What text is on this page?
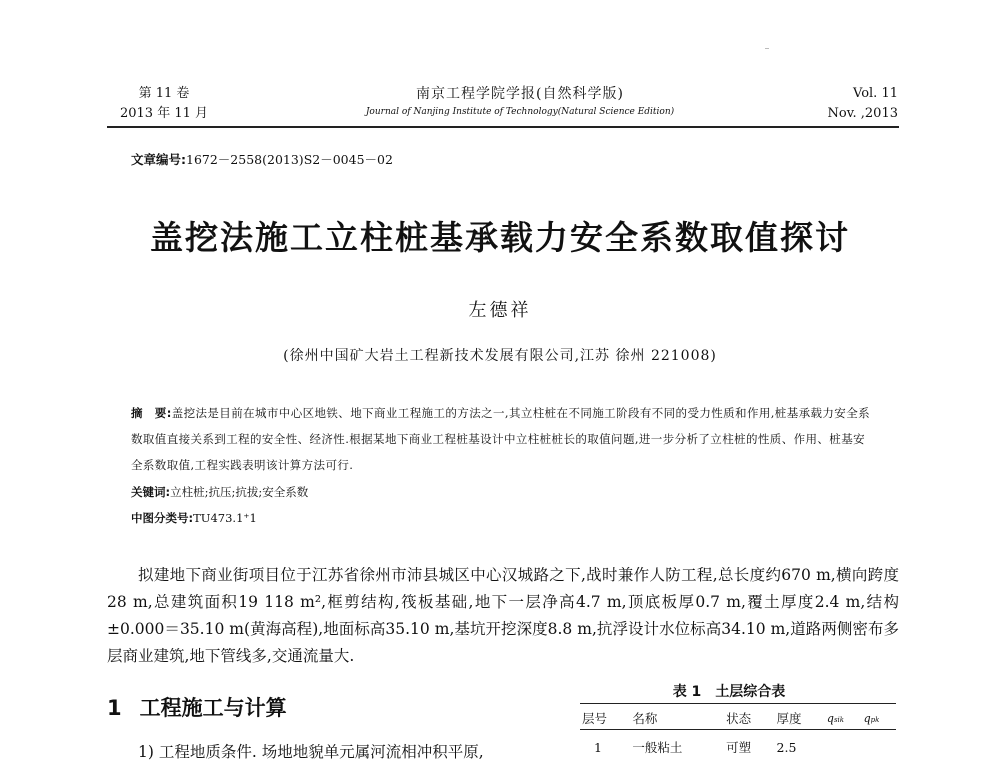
第 11 卷
2013 年 11 月
南京工程学院学报(自然科学版)
Journal of Nanjing Institute of Technology(Natural Science Edition)
Vol. 11
Nov. ,2013
文章编号:1672－2558(2013)S2－0045－02
盖挖法施工立柱桩基承载力安全系数取值探讨
左德祥
(徐州中国矿大岩土工程新技术发展有限公司,江苏 徐州 221008)
摘　要:盖挖法是目前在城市中心区地铁、地下商业工程施工的方法之一,其立柱桩在不同施工阶段有不同的受力性质和作用,桩基承载力安全系数取值直接关系到工程的安全性、经济性.根据某地下商业工程桩基设计中立柱桩桩长的取值问题,进一步分析了立柱桩的性质、作用、桩基安全系数取值,工程实践表明该计算方法可行.
关键词:立柱桩;抗压;抗拔;安全系数
中图分类号:TU473.1⁺1

拟建地下商业街项目位于江苏省徐州市沛县城区中心汉城路之下,战时兼作人防工程,总长度约670 m,横向跨度28 m,总建筑面积19 118 m²,框剪结构,筏板基础,地下一层净高4.7 m,顶底板厚0.7 m,覆土厚度2.4 m,结构±0.000＝35.10 m(黄海高程),地面标高35.10 m,基坑开挖深度8.8 m,抗浮设计水位标高34.10 m,道路两侧密布多层商业建筑,地下管线多,交通流量大.

1 工程施工与计算
1) 工程地质条件. 场地地貌单元属河流相冲积平原,
表 1 土层综合表
层号	名称	状态	厚度	qsik	qpk
1	一般粘土	可塑	2.5		
